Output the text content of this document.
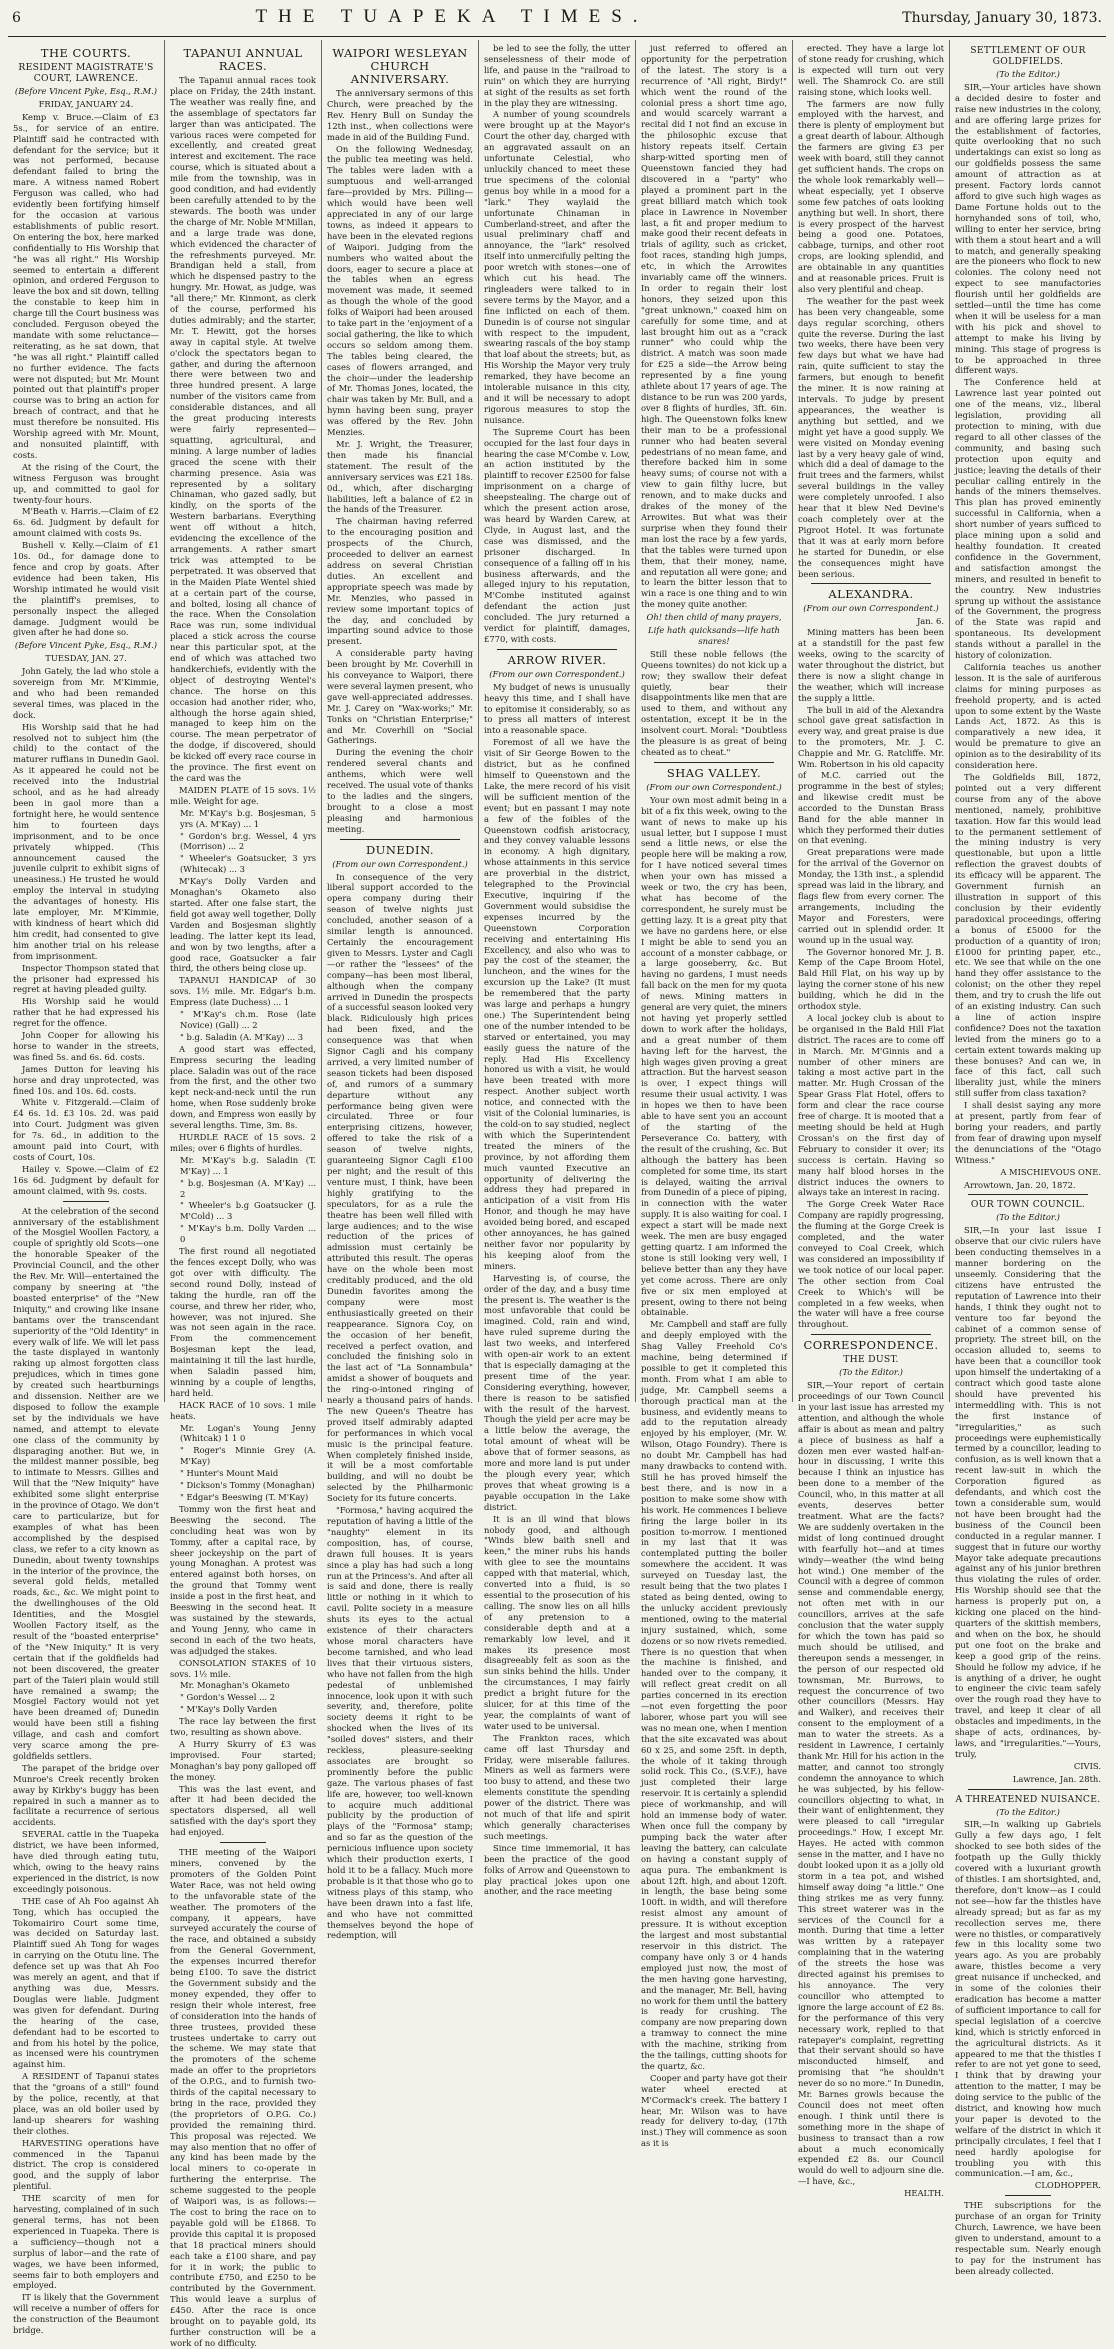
6	THE TUAPEKA TIMES.	Thursday, January 30, 1873.
THE COURTS.
RESIDENT MAGISTRATE'S COURT, LAWRENCE.
(Before Vincent Pyke, Esq., R.M.)
FRIDAY, JANUARY 24.

Kemp v. Bruce.—Claim of £3 5s., for service of an entire. Plaintiff said he contracted with defendant for the service; but it was not performed, because defendant failed to bring the mare. A witness named Robert Ferguson was called, who had evidently been fortifying himself for the occasion at various establishments of public resort. On entering the box, here marked confidentially to His Worship that "he was all right." His Worship seemed to entertain a different opinion, and ordered Ferguson to leave the box and sit down, telling the constable to keep him in charge till the Court business was concluded. Ferguson obeyed the mandate with some reluctance—reiterating, as he sat down, that "he was all right." Plaintiff called no further evidence. The facts were not disputed; but Mr. Mount pointed out that plaintiff's proper course was to bring an action for breach of contract, and that he must therefore be nonsuited. His Worship agreed with Mr. Mount, and nonsuited plaintiff, with costs.

At the rising of the Court, the witness Ferguson was brought up, and committed to gaol for twenty-four hours.

M'Beath v. Harris.—Claim of £2 6s. 6d. Judgment by default for amount claimed with costs 9s.

Bushell v. Kelly.—Claim of £1 10s. 0d., for damage done to fence and crop by goats. After evidence had been taken, His Worship intimated he would visit the plaintiff's premises, to personally inspect the alleged damage. Judgment would be given after he had done so.

(Before Vincent Pyke, Esq., R.M.)
TUESDAY, JAN. 27.

John Gately, the lad who stole a sovereign from Mr. M'Kimmie, and who had been remanded several times, was placed in the dock.

His Worship said that he had resolved not to subject him (the child) to the contact of the maturer ruffians in Dunedin Gaol. As it appeared he could not be received into the Industrial school, and as he had already been in gaol more than a fortnight here, he would sentence him to fourteen days imprisonment, and to be once privately whipped. (This announcement caused the juvenile culprit to exhibit signs of uneasiness.) He trusted he would employ the interval in studying the advantages of honesty. His late employer, Mr. M'Kimmie, with kindness of heart which did him credit, had consented to give him another trial on his release from imprisonment.

Inspector Thompson stated that the prisoner had expressed his regret at having pleaded guilty.

His Worship said he would rather that he had expressed his regret for the offence.

John Cooper for allowing his horse to wander in the streets, was fined 5s. and 6s. 6d. costs.

James Dutton for leaving his horse and dray unprotected, was fined 10s. and 10s. 6d. costs.

White v. Fitzgerald.—Claim of £4 6s. 1d. £3 10s. 2d. was paid into Court. Judgment was given for 7s. 6d., in addition to the amount paid into Court, with costs of Court, 10s.

Hailey v. Spowe.—Claim of £2 16s 6d. Judgment by default for amount claimed, with 9s. costs.

At the celebration of the second anniversary of the establishment of the Mosgiel Woollen Factory, a couple of sprightly old Scots—one the honorable Speaker of the Provincial Council, and the other the Rev. Mr. Will—entertained the company by sneering at "the boasted enterprise" of the "New Iniquity," and crowing like insane bantams over the transcendant superiority of the "Old Identity" in every walk of life. We will let pass the taste displayed in wantonly raking up almost forgotten class prejudices, which in times gone by created such heartburnings and dissension. Neither are we disposed to follow the example set by the individuals we have named, and attempt to elevate one class of the community by disparaging another. But we, in the mildest manner possible, beg to intimate to Messrs. Gillies and Will that the "New Iniquity" have exhibited some slight enterprise in the province of Otago. We don't care to particularize, but for examples of what has been accomplished by the despised class, we refer to a city known as Dunedin, about twenty townships in the interior of the province, the several gold fields, metalled roads, &c., &c. We might point to the dwellinghouses of the Old Identities, and the Mosgiel Woollen Factory itself, as the result of the "boasted enterprise" of the "New Iniquity." It is very certain that if the goldfields had not been discovered, the greater part of the Taieri plain would still have remained a swamp; the Mosgiel Factory would not yet have been dreamed of; Dunedin would have been still a fishing village, and cash and comfort very scarce among the pre-goldfields settlers.

The parapet of the bridge over Munroe's Creek recently broken away by Kirkby's buggy has been repaired in such a manner as to facilitate a recurrence of serious accidents.

SEVERAL cattle in the Tuapeka district, we have been informed, have died through eating tutu, which, owing to the heavy rains experienced in the district, is now exceedingly poisonous.

THE case of Ah Foo against Ah Tong, which has occupied the Tokomairiro Court some time, was decided on Saturday last. Plaintiff sued Ah Tong for wages in carrying on the Otutu line. The defence set up was that Ah Foo was merely an agent, and that if anything was due, Messrs. Douglas were liable. Judgment was given for defendant. During the hearing of the case, defendant had to be escorted to and from his hotel by the police, as incensed were his countrymen against him.

A RESIDENT of Tapanui states that the "groans of a still" found by the police, recently, at that place, was an old boiler used by land-up shearers for washing their clothes.

HARVESTING operations have commenced in the Tapanui district. The crop is considered good, and the supply of labor plentiful.

THE scarcity of men for harvesting, complained of in such general terms, has not been experienced in Tuapeka. There is a sufficiency—though not a surplus of labor—and the rate of wages, we have been informed, seems fair to both employers and employed.

IT is likely that the Government will receive a number of offers for the construction of the Beaumont bridge.

TAPANUI ANNUAL RACES.

The Tapanui annual races took place on Friday, the 24th instant. The weather was really fine, and the assemblage of spectators far larger than was anticipated. The various races were competed for excellently, and created great interest and excitement. The race course, which is situated about a mile from the township, was in good condition, and had evidently been carefully attended to by the stewards. The booth was under the charge of Mr. Noble M'Millan, and a large trade was done, which evidenced the character of the refreshments purveyed. Mr. Brandigan held a stall, from which he dispensed pastry to the hungry. Mr. Howat, as judge, was "all there;" Mr. Kinmont, as clerk of the course, performed his duties admirably; and the starter, Mr. T. Hewitt, got the horses away in capital style. At twelve o'clock the spectators began to gather, and during the afternoon there were between two and three hundred present. A large number of the visitors came from considerable distances, and all the great producing interests were fairly represented—squatting, agricultural, and mining. A large number of ladies graced the scene with their charming presence. Asia was represented by a solitary Chinaman, who gazed sadly, but kindly, on the sports of the Western barbarians. Everything went off without a hitch, evidencing the excellence of the arrangements. A rather smart trick was attempted to be perpetrated. It was observed that in the Maiden Plate Wentel shied at a certain part of the course, and bolted, losing all chance of the race. When the Consolation Race was run, some individual placed a stick across the course near this particular spot, at the end of which was attached two handkerchiefs, evidently with the object of destroying Wentel's chance. The horse on this occasion had another rider, who, although the horse again shied, managed to keep him on the course. The mean perpetrator of the dodge, if discovered, should be kicked off every race course in the province. The first event on the card was the

MAIDEN PLATE of 15 sovs. 1½ mile. Weight for age.

Mr. M'Kay's b.g. Bosjesman, 5 yrs (A. M'Kay) ... 1

" Gordon's br.g. Wessel, 4 yrs (Morrison) ... 2

" Wheeler's Goatsucker, 3 yrs (Whitecak) ... 3

M'Kay's Dolly Varden and Monaghan's Okameto also started. After one false start, the field got away well together, Dolly Varden and Bosjesman slightly leading. The latter kept its lead, and won by two lengths, after a good race, Goatsucker a fair third, the others being close up.

TAPANUI HANDICAP of 30 sovs. 1½ mile. Mr. Edgar's b.m. Empress (late Duchess) ... 1

" M'Kay's ch.m. Rose (late Novice) (Gall) ... 2

" b.g. Saladin (A. M'Kay) ... 3

A good start was effected, Empress securing the leading place. Saladin was out of the race from the first, and the other two kept neck-and-neck until the run home, when Rose suddenly broke down, and Empress won easily by several lengths. Time, 3m. 8s.

HURDLE RACE of 15 sovs. 2 miles; over 6 flights of hurdles.

Mr. M'Kay's b.g. Saladin (T. M'Kay) ... 1

" b.g. Bosjesman (A. M'Kay) ... 2

" Wheeler's b.g Goatsucker (J. M'Cold) ... 3

" M'Kay's b.m. Dolly Varden ... 0

The first round all negotiated the fences except Dolly, who was got over with difficulty. The second round Dolly, instead of taking the hurdle, ran off the course, and threw her rider, who, however, was not injured. She was not seen again in the race. From the commencement Bosjesman kept the lead, maintaining it till the last hurdle, when Saladin passed him, winning by a couple of lengths, hard held.

HACK RACE of 10 sovs. 1 mile heats.

Mr. Logan's Young Jenny (Whitcak) 1 1 0

" Roger's Minnie Grey (A. M'Kay)

" Hunter's Mount Maid

" Dickson's Tommy (Monaghan)

" Edgar's Beeswing (T. M'Kay)

Tommy won the first heat and Beeswing the second. The concluding heat was won by Tommy, after a capital race, by sheer jockeyship on the part of young Monaghan. A protest was entered against both horses, on the ground that Tommy went inside a post in the first heat, and Beeswing in the second heat. It was sustained by the stewards, and Young Jenny, who came in second in each of the two heats, was adjudged the stakes.

CONSOLATION STAKES of 10 sovs. 1½ mile.

Mr. Monaghan's Okameto

" Gordon's Wessel ... 2

" M'Kay's Dolly Varden

The race lay between the first two, resulting as shown above.

A Hurry Skurry of £3 was improvised. Four started; Monaghan's bay pony galloped off the money.

This was the last event, and after it had been decided the spectators dispersed, all well satisfied with the day's sport they had enjoyed.

THE meeting of the Waipori miners, convened by the promoters of the Golden Point Water Race, was not held owing to the unfavorable state of the weather. The promoters of the company, it appears, have surveyed accurately the course of the race, and obtained a subsidy from the General Government, the expenses incurred therefor being £100. To save the district the Government subsidy and the money expended, they offer to resign their whole interest, free of consideration into the hands of three trustees, provided these trustees undertake to carry out the scheme. We may state that the promoters of the scheme made an offer to the proprietors of the O.P.G., and to furnish two-thirds of the capital necessary to bring in the race, provided they (the proprietors of O.P.G. Co.) provided the remaining third. This proposal was rejected. We may also mention that no offer of any kind has been made by the local miners to co-operate in furthering the enterprise. The scheme suggested to the people of Waipori was, is as follows:—The cost to bring the race on to payable gold will be £1868. To provide this capital it is proposed that 18 practical miners should each take a £100 share, and pay for it in work; the public to contribute £750, and £250 to be contributed by the Government. This would leave a surplus of £450. After the race is once brought on to payable gold, its further construction will be a work of no difficulty.

WAIPORI WESLEYAN CHURCH ANNIVERSARY.

The anniversary sermons of this Church, were preached by the Rev. Henry Bull on Sunday the 12th inst., when collections were made in aid of the Building Fund.

On the following Wednesday, the public tea meeting was held. The tables were laden with a sumptuous and well-arranged fare—provided by Mrs. Pilling—which would have been well appreciated in any of our large towns, as indeed it appears to have been in the elevated regions of Waipori. Judging from the numbers who waited about the doors, eager to secure a place at the tables when an egress movement was made, it seemed as though the whole of the good folks of Waipori had been aroused to take part in the 'enjoyment of a social gathering, the like to which occurs so seldom among them. The tables being cleared, the cases of flowers arranged, and the choir—under the leadership of Mr. Thomas Jones, located, the chair was taken by Mr. Bull, and a hymn having been sung, prayer was offered by the Rev. John Menzies.

Mr. J. Wright, the Treasurer, then made his financial statement. The result of the anniversary services was £21 18s. 0d., which, after discharging liabilities, left a balance of £2 in the hands of the Treasurer.

The chairman having referred to the encouraging position and prospects of the Church, proceeded to deliver an earnest address on several Christian duties. An excellent and appropriate speech was made by Mr. Menzies, who passed in review some important topics of the day, and concluded by imparting sound advice to those present.

A considerable party having been brought by Mr. Coverhill in his conveyance to Waipori, there were several laymen present, who gave well-appreciated addresses. Mr. J. Carey on "Wax-works;" Mr. Tonks on "Christian Enterprise;" and Mr. Coverhill on "Social Gatherings.

During the evening the choir rendered several chants and anthems, which were well received. The usual vote of thanks to the ladies and the singers, brought to a close a most pleasing and harmonious meeting.

DUNEDIN.
(From our own Correspondent.)

In consequence of the very liberal support accorded to the opera company during their season of twelve nights just concluded, another season of a similar length is announced. Certainly the encouragement given to Messrs. Lyster and Cagli—or rather the "lessees" of the company—has been most liberal, although when the company arrived in Dunedin the prospects of a successful season looked very black. Ridiculously high prices had been fixed, and the consequence was that when Signor Cagli and his company arrived, a very limited number of season tickets had been disposed of, and rumors of a summary departure without any performance being given were circulated. Three or four enterprising citizens, however, offered to take the risk of a season of twelve nights, guaranteeing Signor Cagli £100 per night; and the result of this venture must, I think, have been highly gratifying to the speculators, for as a rule the theatre has been well filled with large audiences; and to the wise reduction of the prices of admission must certainly be attributed this result. The operas have on the whole been most creditably produced, and the old Dunedin favorites among the company were most enthusiastically greeted on their reappearance. Signora Coy, on the occasion of her benefit, received a perfect ovation, and concluded the finishing solo in the last act of "La Sonnambula" amidst a shower of bouquets and the ring-o-intoned ringing of nearly a thousand pairs of hands. The new Queen's Theatre has proved itself admirably adapted for performances in which vocal music is the principal feature. When completely finished inside, it will be a most comfortable building, and will no doubt be selected by the Philharmonic Society for its future concerts.

"Formosa," having acquired the reputation of having a little of the "naughty" element in its composition, has, of course, drawn full houses. It is years since a play has had such a long run at the Princess's. And after all is said and done, there is really little or nothing in it which to cavil. Polite society in a measure shuts its eyes to the actual existence of their characters whose moral characters have become tarnished, and who lead lives that their virtuous sisters, who have not fallen from the high pedestal of unblemished innocence, look upon it with such severity, and, therefore, polite society deems it right to be shocked when the lives of its "soiled doves" sisters, and their reckless, pleasure-seeking associates are brought so prominently before the public gaze. The various phases of fast life are, however, too well-known to acquire much additional publicity by the production of plays of the "Formosa" stamp; and so far as the question of the pernicious influence upon society which their production exerts, I hold it to be a fallacy. Much more probable is it that those who go to witness plays of this stamp, who have been drawn into a fast life, and who have not committed themselves beyond the hope of redemption, will

be led to see the folly, the utter senselessness of their mode of life, and pause in the "railroad to ruin" on which they are hurrying at sight of the results as set forth in the play they are witnessing.

A number of young scoundrels were brought up at the Mayor's Court the other day, charged with an aggravated assault on an unfortunate Celestial, who unluckily chanced to meet these true specimens of the colonial genus boy while in a mood for a "lark." They waylaid the unfortunate Chinaman in Cumberland-street, and after the usual preliminary chaff and annoyance, the "lark" resolved itself into unmercifully pelting the poor wretch with stones—one of which cut his head. The ringleaders were talked to in severe terms by the Mayor, and a fine inflicted on each of them. Dunedin is of course not singular with respect to the impudent, swearing rascals of the boy stamp that loaf about the streets; but, as His Worship the Mayor very truly remarked, they have become an intolerable nuisance in this city, and it will be necessary to adopt rigorous measures to stop the nuisance.

The Supreme Court has been occupied for the last four days in hearing the case M'Combe v. Low, an action instituted by the plaintiff to recover £2500 for false imprisonment on a charge of sheepstealing. The charge out of which the present action arose, was heard by Warden Carew, at Clyde, in August last, and the case was dismissed, and the prisoner discharged. In consequence of a falling off in his business afterwards, and the alleged injury to his reputation, M'Combe instituted against defendant the action just concluded. The jury returned a verdict for plaintiff, damages, £770, with costs.

ARROW RIVER.
(From our own Correspondent.)

My budget of news is unusually heavy this time, and I shall have to epitomise it considerably, so as to press all matters of interest into a reasonable space.

Foremost of all we have the visit of Sir George Bowen to the district, but as he confined himself to Queenstown and the Lake, the mere record of his visit will be sufficient mention of the event; but en passant I may note a few of the foibles of the Queenstown codfish aristocracy, and they convey valuable lessons in economy. A high dignitary, whose attainments in this service are proverbial in the district, telegraphed to the Provincial Executive, inquiring if the Government would subsidise the expenses incurred by the Queenstown Corporation receiving and entertaining His Excellency, and also who was to pay the cost of the steamer, the luncheon, and the wines for the excursion up the Lake? (It must be remembered that the party was large and perhaps a hungry one.) The Superintendent being one of the number intended to be starved or entertained, you may easily guess the nature of the reply. Had His Excellency honored us with a visit, he would have been treated with more respect. Another subject worth notice, and connected with the visit of the Colonial luminaries, is the cold-on to say studied, neglect with which the Superintendent treated the miners of the province, by not affording them much vaunted Executive an opportunity of delivering the address they had prepared in anticipation of a visit from His Honor, and though he may have avoided being bored, and escaped other annoyances, he has gained neither favor nor popularity by his keeping aloof from the miners.

Harvesting is, of course, the order of the day, and a busy time the present is. The weather is the most unfavorable that could be imagined. Cold, rain and wind, have ruled supreme during the last two weeks, and interfered with open-air work to an extent that is especially damaging at the present time of the year. Considering everything, however, there is reason to be satisfied with the result of the harvest. Though the yield per acre may be a little below the average, the total amount of wheat will be above that of former seasons, as more and more land is put under the plough every year, which proves that wheat growing is a payable occupation in the Lake district.

It is an ill wind that blows nobody good, and although "Winds blew baith snell and keen," the miner rubs his hands with glee to see the mountains capped with that material, which, converted into a fluid, is so essential to the prosecution of his calling. The snow lies on all hills of any pretension to a considerable depth and at a remarkably low level, and it makes its presence most disagreeably felt as soon as the sun sinks behind the hills. Under the circumstances, I may fairly predict a bright future for the sluicer, for at this time of the year, the complaints of want of water used to be universal.

The Frankton races, which came off last Thursday and Friday, were miserable failures. Miners as well as farmers were too busy to attend, and these two elements constitute the spending power of the district. There was not much of that life and spirit which generally characterises such meetings.

Since time immemorial, it has been the practice of the good folks of Arrow and Queenstown to play practical jokes upon one another, and the race meeting

just referred to offered an opportunity for the perpetration of the latest. The story is a recurrence of "All right, Birdy!" which went the round of the colonial press a short time ago, and would scarcely warrant a recital did I not find an excuse in the philosophic excuse that history repeats itself. Certain sharp-witted sporting men of Queenstown fancied they had discovered in a "party" who played a prominent part in the great billiard match which took place in Lawrence in November last, a fit and proper medium to make good their recent defeats in trials of agility, such as cricket, foot races, standing high jumps, etc, in which the Arrowites invariably came off the winners. In order to regain their lost honors, they seized upon this "great unknown," coaxed him on carefully for some time, and at last brought him out as a "crack runner" who could whip the district. A match was soon made for £25 a side—the Arrow being represented by a fine young athlete about 17 years of age. The distance to be run was 200 yards, over 8 flights of hurdles, 3ft. 6in. high. The Queenstown folks knew their man to be a professional runner who had beaten several pedestrians of no mean fame, and therefore backed him in some heavy sums; of course not with a view to gain filthy lucre, but renown, and to make ducks and drakes of the money of the Arrowites. But what was their surprise when they found their man lost the race by a few yards, that the tables were turned upon them, that their money, name, and reputation all were gone; and to learn the bitter lesson that to win a race is one thing and to win the money quite another.

Oh! then child of many prayers,
Life hath quicksands—life hath snares!

Still these noble fellows (the Queens townites) do not kick up a row; they swallow their defeat quietly, bear their disappointments like men that are used to them, and without any ostentation, except it be in the insolvent court. Moral: "Doubtless the pleasure is as great of being cheated as to cheat."

SHAG VALLEY.
(From our own Correspondent.)

Your own most admit being in a bit of a fix this week, owing to the want of news to make up his usual letter, but I suppose I must send a little news, or else the people here will be making a row, for I have noticed several times when your own has missed a week or two, the cry has been, what has become of the correspondent, he surely must be getting lazy. It is a great pity that we have no gardens here, or else I might be able to send you an account of a monster cabbage, or a large gooseberry, &c. But having no gardens, I must needs fall back on the men for my quota of news. Mining matters in general are very quiet, the miners not having yet properly settled down to work after the holidays, and a great number of them having left for the harvest, the high wages given proving a great attraction. But the harvest season is over, I expect things will resume their usual activity. I was in hopes we then to have been able to have sent you an account of the starting of the Perseverance Co. battery, with the result of the crushing, &c. But although the battery has been completed for some time, its start is delayed, waiting the arrival from Dunedin of a piece of piping, in connection with the water supply. It is also waiting for coal. I expect a start will be made next week. The men are busy engaged getting quartz. I am informed the stone is still looking very well, I believe better than any they have yet come across. There are only five or six men employed at present, owing to there not being obtainable.

Mr. Campbell and staff are fully and deeply employed with the Shag Valley Freehold Co's machine, being determined if possible to get it completed this month. From what I am able to judge, Mr. Campbell seems a thorough practical man at the business, and evidently means to add to the reputation already enjoyed by his employer, (Mr. W. Wilson, Otago Foundry). There is no doubt Mr. Campbell has had many drawbacks to contend with. Still he has proved himself the best there, and is now in a position to make some show with his work. He commences I believe firing the large boiler in its position to-morrow. I mentioned in my last that it was contemplated putting the boiler somewhere the accident. It was surveyed on Tuesday last, the result being that the two plates I stated as being dented, owing to the unlucky accident previously mentioned, owing to the material injury sustained, which, some dozens or so now rivets remedied. There is no question that when the machine is finished, and handed over to the company, it will reflect great credit on all parties concerned in its erection—not even forgetting the poor laborer, whose part you will see was no mean one, when I mention that the site excavated was about 60 x 25, and some 25ft. in depth, the whole of it taking through solid rock. This Co., (S.V.F.), have just completed their large reservoir. It is certainly a splendid piece of workmanship, and will hold an immense body of water. When once full the company by pumping back the water after leaving the battery, can calculate on having a constant supply of aqua pura. The embankment is about 12ft. high, and about 120ft. in length, the base being some 100ft. in width, and will therefore resist almost any amount of pressure. It is without exception the largest and most substantial reservoir in this district. The company have only 3 or 4 hands employed just now, the most of the men having gone harvesting, and the manager, Mr. Bell, having no work for them until the battery is ready for crushing. The company are now preparing down a tramway to connect the mine with the machine, striking from the the tailings, cutting shoots for the quartz, &c.

Cooper and party have got their water wheel erected at M'Cormack's creek. The battery I hear, Mr. Wilson was to have ready for delivery to-day, (17th inst.) They will commence as soon as it is

erected. They have a large lot of stone ready for crushing, which is expected will turn out very well. The Shamrock Co. are still raising stone, which looks well.

The farmers are now fully employed with the harvest, and there is plenty of employment but a great dearth of labour. Although the farmers are giving £3 per week with board, still they cannot get sufficient hands. The crops on the whole look remarkably well—wheat especially, yet I observe some few patches of oats looking anything but well. In short, there is every prospect of the harvest being a good one. Potatoes, cabbage, turnips, and other root crops, are looking splendid, and are obtainable in any quantities and at reasonable prices. Fruit is also very plentiful and cheap.

The weather for the past week has been very changeable, some days regular scorching, others quite the reverse. During the last two weeks, there have been very few days but what we have had rain, quite sufficient to stay the farmers, but enough to benefit the miner. It is now raining at intervals. To judge by present appearances, the weather is anything but settled, and we might yet have a good supply. We were visited on Monday evening last by a very heavy gale of wind, which did a deal of damage to the fruit trees and the farmers, whilst several buildings in the valley were completely unroofed. I also hear that it blew Ned Devine's coach completely over at the Pigroot Hotel. It was fortunate that it was at early morn before he started for Dunedin, or else the consequences might have been serious.

ALEXANDRA.
(From our own Correspondent.)
Jan. 6.

Mining matters has been been at a standstill for the past few weeks, owing to the scarcity of water throughout the district, but there is now a slight change in the weather, which will increase the supply a little.

The bull in aid of the Alexandra school gave great satisfaction in every way, and great praise is due to the promoters, Mr. J. C. Chappie and Mr. G. Ratcliffe. Mr. Wm. Robertson in his old capacity of M.C. carried out the programme in the best of styles; and likewise credit must be accorded to the Dunstan Brass Band for the able manner in which they performed their duties on that evening.

Great preparations were made for the arrival of the Governor on Monday, the 13th inst., a splendid spread was laid in the library, and flags flew from every corner. The arrangements, including the Mayor and Foresters, were carried out in splendid order. It wound up in the usual way.

The Governor honored Mr. J. B. Kemp of the Cape Broom Hotel, Bald Hill Flat, on his way up by laying the corner stone of his new building, which he did in the orthodox style.

A local jockey club is about to be organised in the Bald Hill Flat district. The races are to come off in March. Mr. M'Ginnis and a number of other miners are taking a most active part in the matter. Mr. Hugh Crossan of the Spear Grass Flat Hotel, offers to form and clear the race course free of charge. It is mooted that a meeting should be held at Hugh Crossan's on the first day of February to consider it over; its success is certain. Having so many half blood horses in the district induces the owners to always take an interest in racing.

The Gorge Creek Water Race Company are rapidly progressing, the fluming at the Gorge Creek is completed, and the water conveyed to Coal Creek, which was considered an impossibility if we took notice of our local paper. The other section from Coal Creek to Which's will be completed in a few weeks, when the water will have a free course throughout.

CORRESPONDENCE.
THE DUST.
(To the Editor.)

SIR,—Your report of certain proceedings of our Town Council in your last issue has arrested my attention, and although the whole affair is about as mean and paltry a piece of business as half a dozen men ever wasted half-an-hour in discussing, I write this because I think an injustice has been done to a member of the Council, who, in this matter at all events, deserves better treatment. What are the facts? We are suddenly overtaken in the midst of long continued drought with fearfully hot—and at times windy—weather (the wind being hot wind.) One member of the Council with a degree of common sense and commendable energy, not often met with in our councillors, arrives at the safe conclusion that the water supply for which the town has paid so much should be utilised, and thereupon sends a messenger, in the person of our respected old townsman, Mr. Burrows, to request the concurrence of two other councillors (Messrs. Hay and Walker), and receives their consent to the employment of a man to water the streets. As a resident in Lawrence, I certainly thank Mr. Hill for his action in the matter, and cannot too strongly condemn the annoyance to which he was subjected, by his fellow-councillors objecting to what, in their want of enlightenment, they were pleased to call "irregular proceedings." How, I except Mr. Hayes. He acted with common sense in the matter, and I have no doubt looked upon it as a jolly old storm in a tea pot, and wished himself away doing "a little." One thing strikes me as very funny. This street waterer was in the services of the Council for a month. During that time a letter was written by a ratepayer complaining that in the watering of the streets the hose was directed against his premises to his annoyance. The very councillor who attempted to ignore the large account of £2 8s. for the performance of this very necessary work, replied to that ratepayer's complaint, regretting that their servant should so have misconducted himself, and promising that "he shouldn't never do so no more." In Dunedin, Mr. Barnes growls because the Council does not meet often enough. I think until there is something more in the shape of business to transact than a row about a much economically expended £2 8s. our Council would do well to adjourn sine die.—I have, &c.,

HEALTH.
SETTLEMENT OF OUR GOLDFIELDS.
(To the Editor.)

SIR,—Your articles have shown a decided desire to foster and raise new industries in the colony, and are offering large prizes for the establishment of factories, quite overlooking that no such undertakings can exist so long as our goldfields possess the same amount of attraction as at present. Factory lords cannot afford to give such high wages as Dame Fortune holds out to the hornyhanded sons of toil, who, willing to enter her service, bring with them a stout heart and a will to match, and generally speaking are the pioneers who flock to new colonies. The colony need not expect to see manufactories flourish until her goldfields are settled—until the time has come when it will be useless for a man with his pick and shovel to attempt to make his living by mining. This stage of progress is to be approached in three different ways.

The Conference held at Lawrence last year pointed out one of the means, viz., liberal legislation, providing all protection to mining, with due regard to all other classes of the community, and basing such protection upon equity and justice; leaving the details of their peculiar calling entirely in the hands of the miners themselves. This plan has proved eminently successful in California, when a short number of years sufficed to place mining upon a solid and healthy foundation. It created confidence in the Government, and satisfaction amongst the miners, and resulted in benefit to the country. New industries sprung up without the assistance of the Government, the progress of the State was rapid and spontaneous. Its development stands without a parallel in the history of colonization.

California teaches us another lesson. It is the sale of auriferous claims for mining purposes as freehold property, and is acted upon to some extent by the Waste Lands Act, 1872. As this is comparatively a new idea, it would be premature to give an opinion as to the desirability of its consideration here.

The Goldfields Bill, 1872, pointed out a very different course from any of the above mentioned, namely, prohibitive taxation. How far this would lead to the permanent settlement of the mining industry is very questionable, but upon a little reflection the gravest doubts of its efficacy will be apparent. The Government furnish an illustration in support of this conclusion by their evidently paradoxical proceedings, offering a bonus of £5000 for the production of a quantity of iron; £1000 for printing paper, etc., etc. We see that while on the one hand they offer assistance to the colonist; on the other they repel them, and try to crush the life out of an existing industry. Can such a line of action inspire confidence? Does not the taxation levied from the miners go to a certain extent towards making up these bonuses? And can we, in face of this fact, call such liberality just, while the miners still suffer from class taxation?

I shall desist saying any more at present, partly from fear of boring your readers, and partly from fear of drawing upon myself the denunciations of the "Otago Witness."

A MISCHIEVOUS ONE.
Arrowtown, Jan. 20, 1872.
OUR TOWN COUNCIL.
(To the Editor.)

SIR,—In your last issue I observe that our civic rulers have been conducting themselves in a manner bordering on the unseemly. Considering that the citizens have entrusted the reputation of Lawrence into their hands, I think they ought not to venture too far beyond the cabinet of a common sense of propriety. The street bill, on the occasion alluded to, seems to have been that a councillor took upon himself the undertaking of a contract which good taste alone should have prevented his intermeddling with. This is not the first instance of "irregularities," as such proceedings were euphemistically termed by a councillor, leading to confusion, as is well known that a recent law-suit in which the Corporation figured as defendants, and which cost the town a considerable sum, would not have been brought had the business of the Council been conducted in a regular manner. I suggest that in future our worthy Mayor take adequate precautions against any of his junior brethren thus violating the rules of order. His Worship should see that the harness is properly put on, a kicking one placed on the hind-quarters of the skittish members, and when on the box, he should put one foot on the brake and keep a good grip of the reins. Should he follow my advice, if he is anything of a driver, he ought to engineer the civic team safely over the rough road they have to travel, and keep it clear of all obstacles and impediments, in the shape of acts, ordinances, by-laws, and "irregularities."—Yours, truly,

CIVIS.
Lawrence, Jan. 28th.
A THREATENED NUISANCE.
(To the Editor.)

SIR,—In walking up Gabriels Gully a few days ago, I felt shocked to see both sides of the footpath up the Gully thickly covered with a luxuriant growth of thistles. I am shortsighted, and, therefore, don't know—as I could not see—how far the thistles have already spread; but as far as my recollection serves me, there were no thistles, or comparatively few in this locality some two years ago. As you are probably aware, thistles become a very great nuisance if unchecked, and in some of the colonies their eradication has become a matter of sufficient importance to call for special legislation of a coercive kind, which is strictly enforced in the agricultural districts. As it appeared to me that the thistles I refer to are not yet gone to seed, I think that by drawing your attention to the matter, I may be doing service to the public of the district, and knowing how much your paper is devoted to the welfare of the district in which it principally circulates, I feel that I need hardly apologise for troubling you with this communication.—I am, &c.,

CLODHOPPER.

THE subscriptions for the purchase of an organ for Trinity Church, Lawrence, we have been given to understand, amount to a respectable sum. Nearly enough to pay for the instrument has been already collected.
